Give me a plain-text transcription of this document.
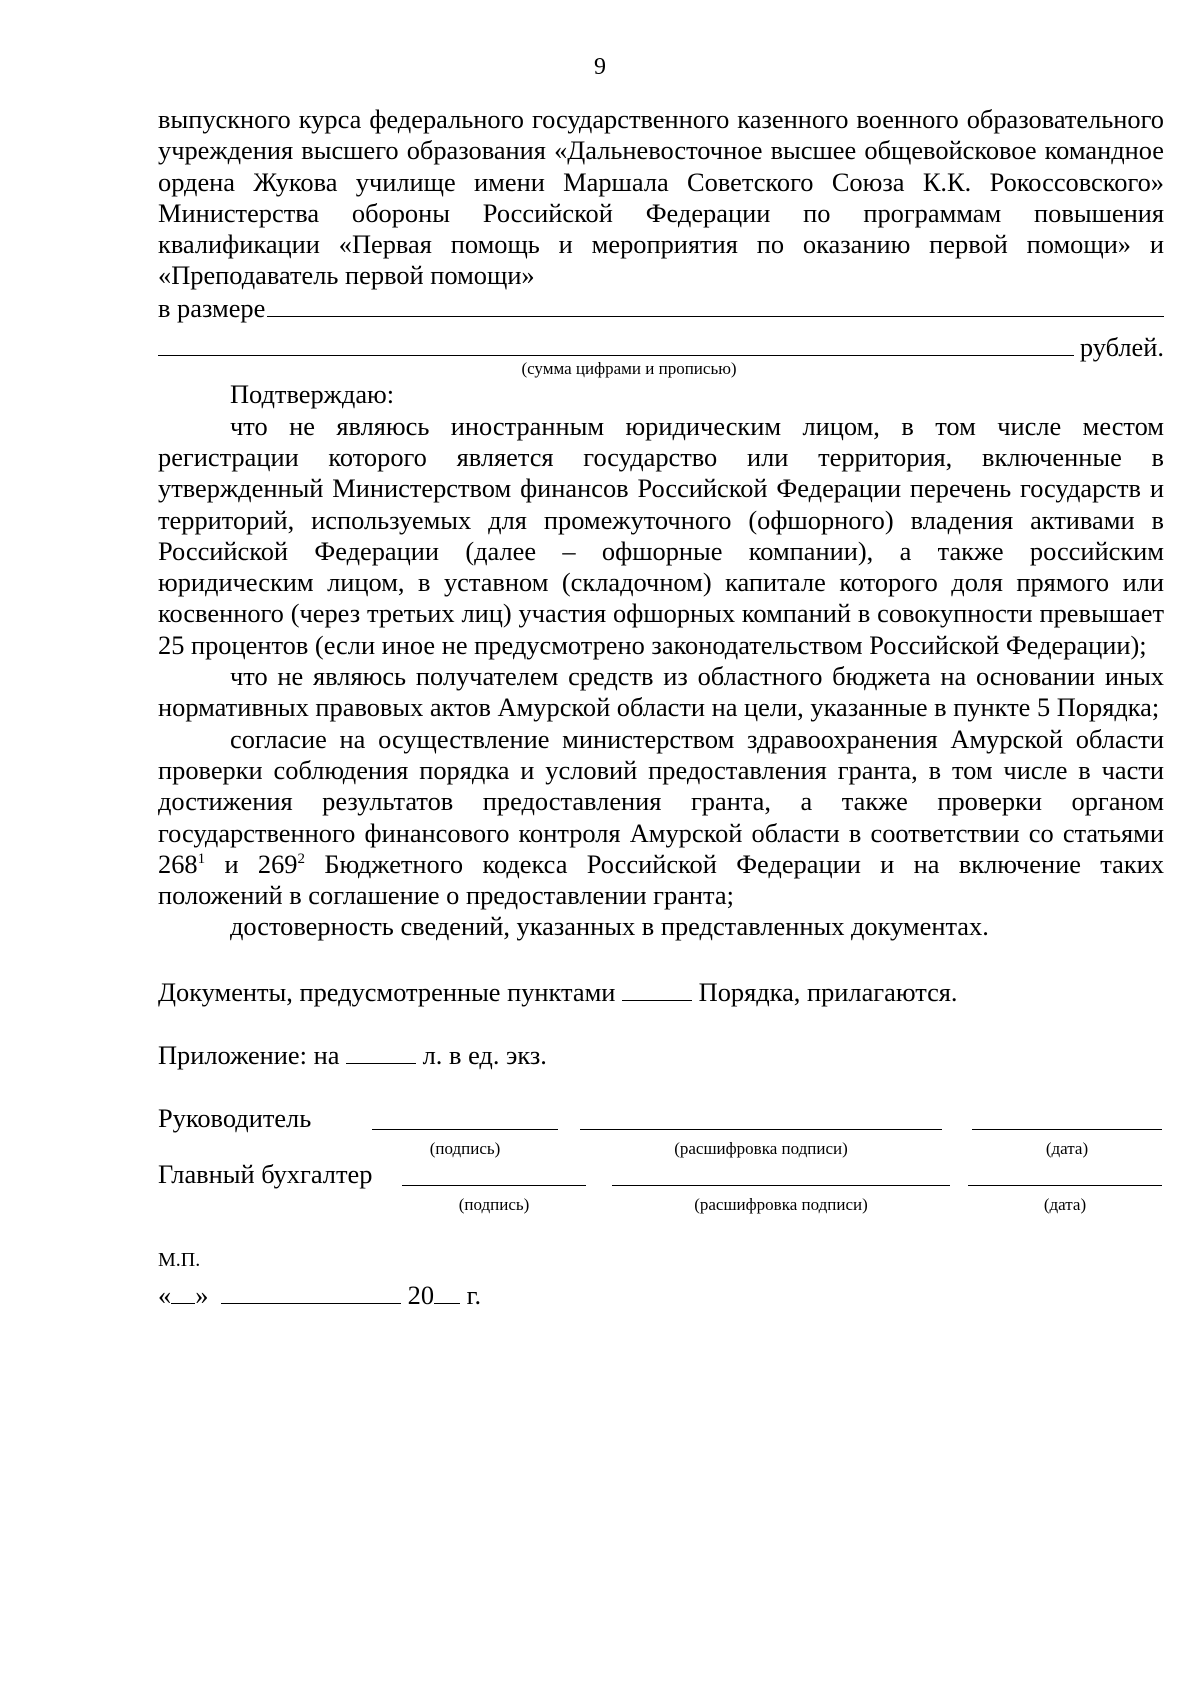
9

выпускного курса федерального государственного казенного военного образовательного учреждения высшего образования «Дальневосточное высшее общевойсковое командное ордена Жукова училище имени Маршала Советского Союза К.К. Рокоссовского» Министерства обороны Российской Федерации по программам повышения квалификации «Первая помощь и мероприятия по оказанию первой помощи» и «Преподаватель первой помощи»

в размере
рублей.
(сумма цифрами и прописью)

Подтверждаю:

что не являюсь иностранным юридическим лицом, в том числе местом регистрации которого является государство или территория, включенные в утвержденный Министерством финансов Российской Федерации перечень государств и территорий, используемых для промежуточного (офшорного) владения активами в Российской Федерации (далее – офшорные компании), а также российским юридическим лицом, в уставном (складочном) капитале которого доля прямого или косвенного (через третьих лиц) участия офшорных компаний в совокупности превышает 25 процентов (если иное не предусмотрено законодательством Российской Федерации);

что не являюсь получателем средств из областного бюджета на основании иных нормативных правовых актов Амурской области на цели, указанные в пункте 5 Порядка;

согласие на осуществление министерством здравоохранения Амурской области проверки соблюдения порядка и условий предоставления гранта, в том числе в части достижения результатов предоставления гранта, а также проверки органом государственного финансового контроля Амурской области в соответствии со статьями $268^1$ и $269^2$ Бюджетного кодекса Российской Федерации и на включение таких положений в соглашение о предоставлении гранта;

достоверность сведений, указанных в представленных документах.

Документы, предусмотренные пунктами	Порядка, прилагаются.
Приложение: на	л. в ед. экз.
Руководитель
(подпись)	(расшифровка подписи)	(дата)
Главный бухгалтер
(подпись)	(расшифровка подписи)	(дата)
М.П.
« »	20 г.
